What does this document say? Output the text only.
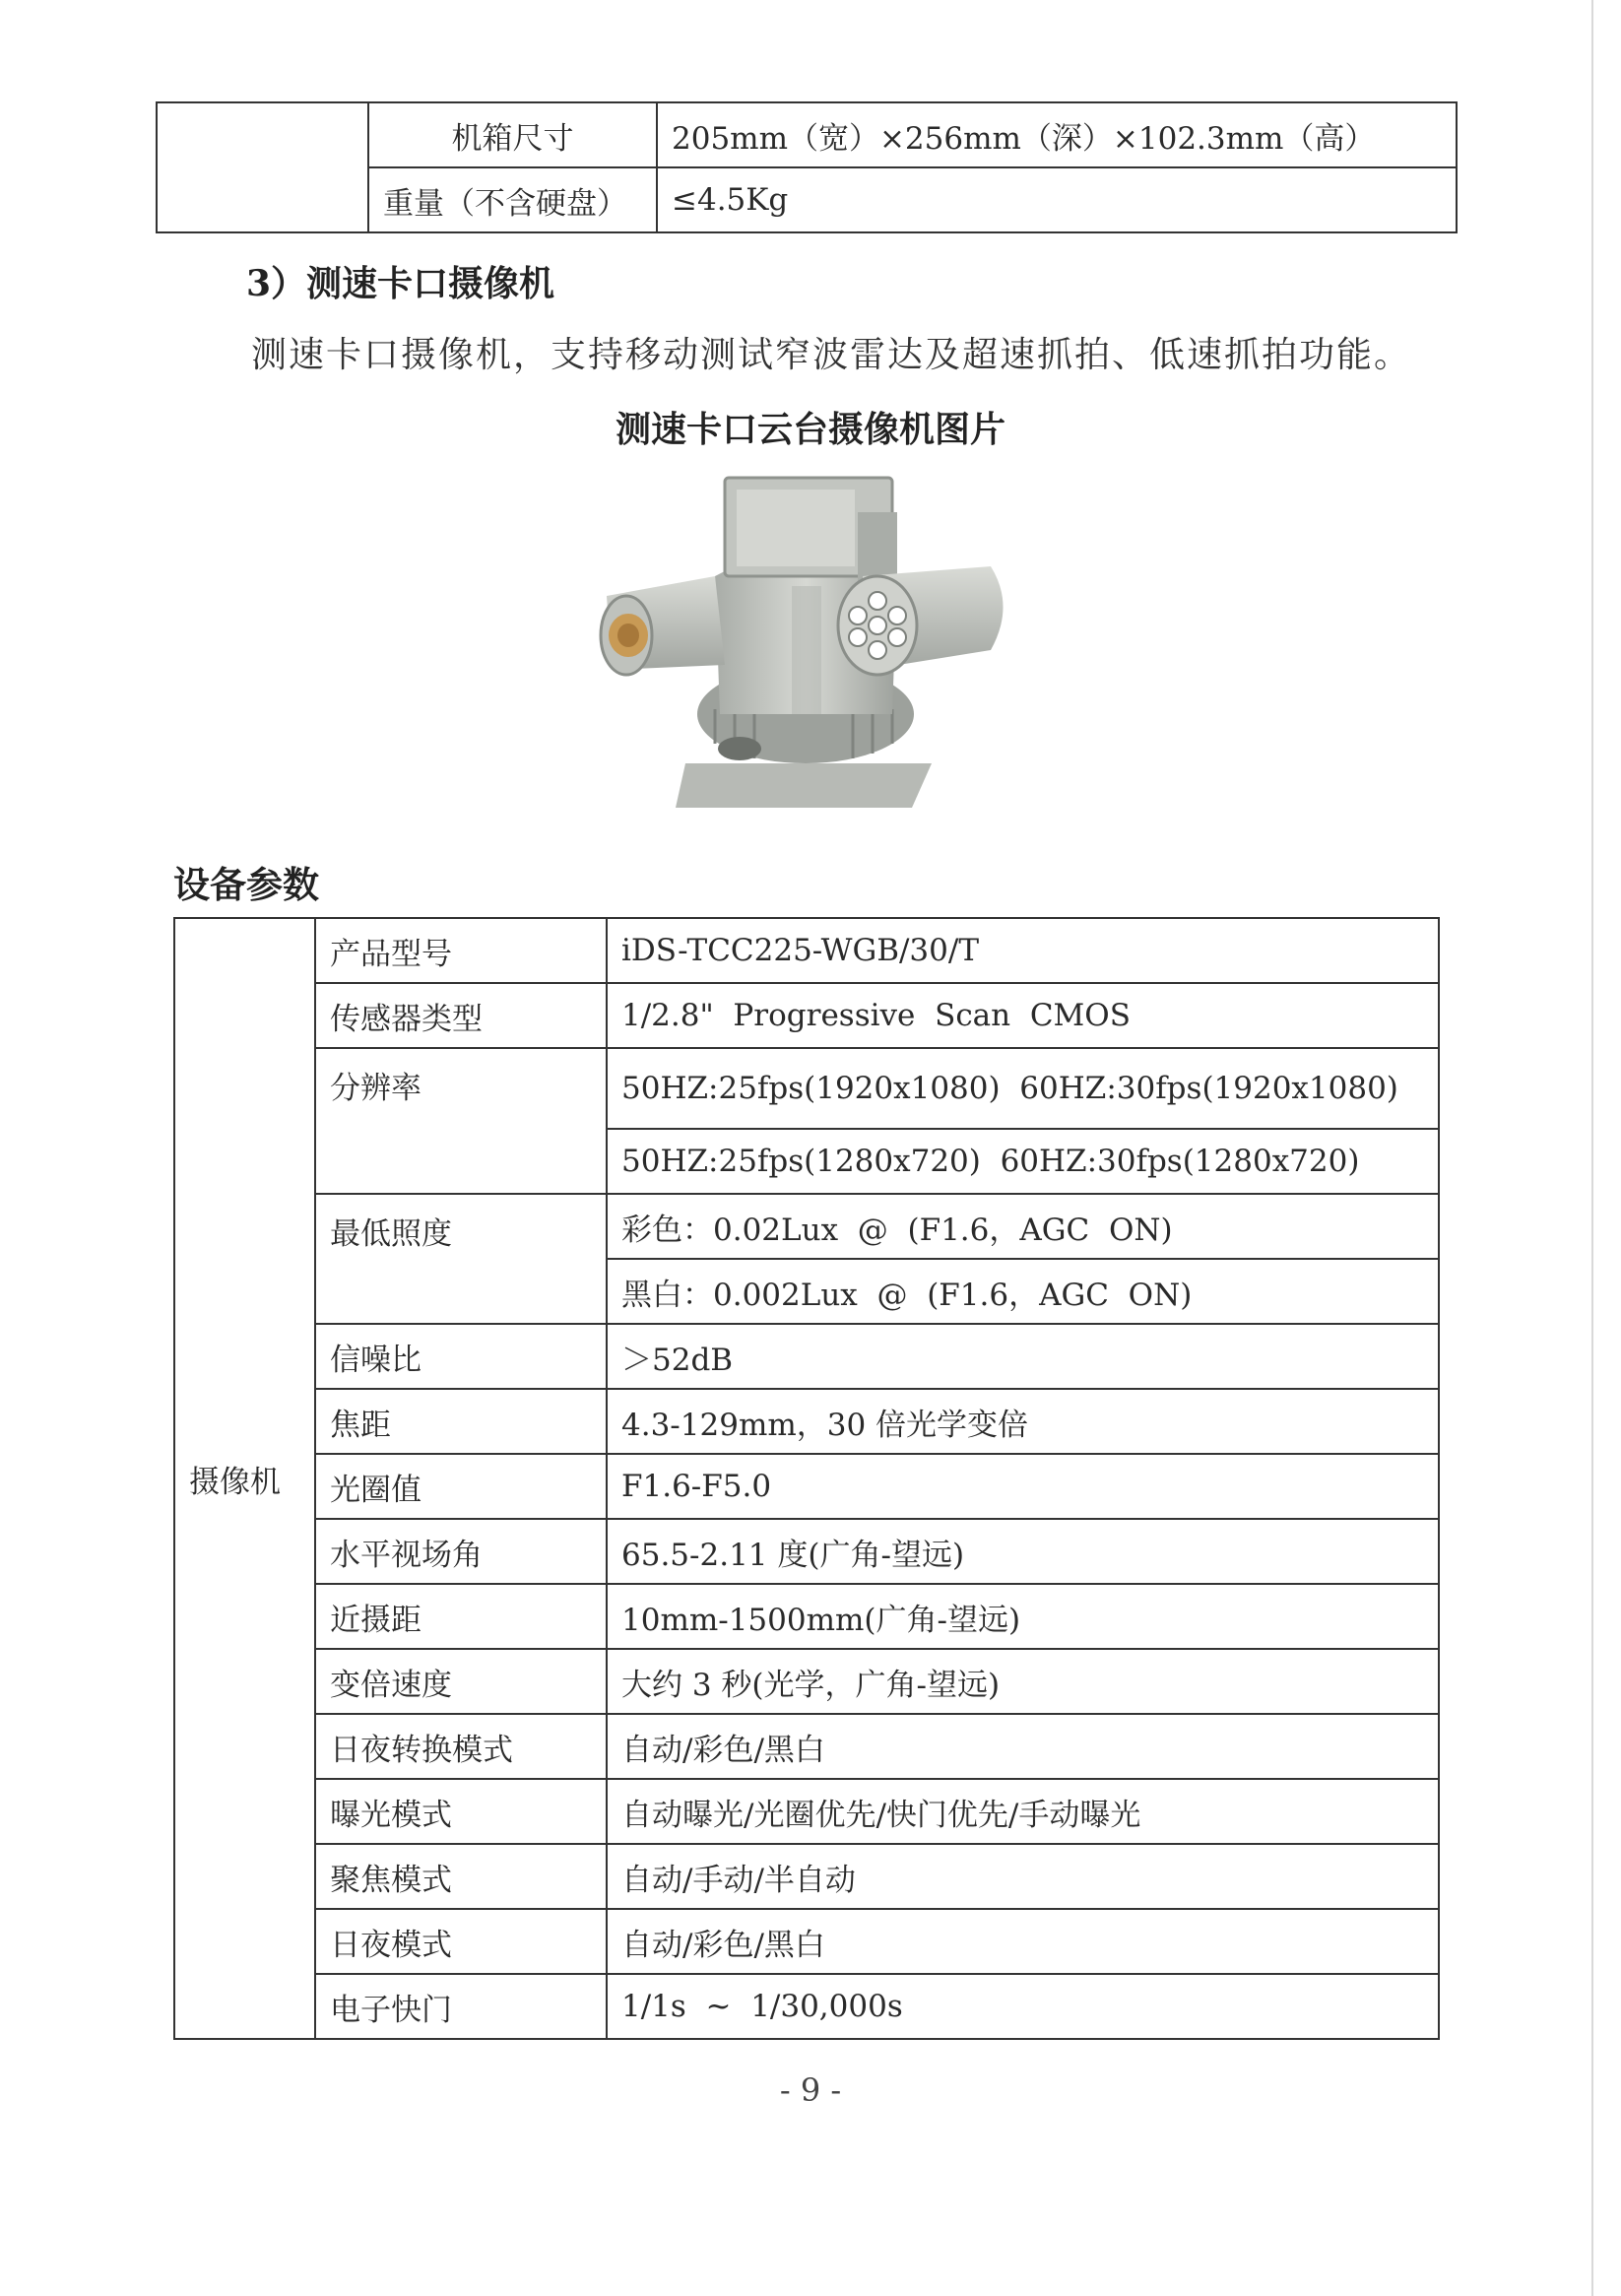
	机箱尺寸	205mm（宽）×256mm（深）×102.3mm（高）
	重量（不含硬盘）	≤4.5Kg
3）测速卡口摄像机
测速卡口摄像机，支持移动测试窄波雷达及超速抓拍、低速抓拍功能。
测速卡口云台摄像机图片
设备参数
摄像机	产品型号	iDS-TCC225-WGB/30/T
	传感器类型	1/2.8"  Progressive  Scan  CMOS
	分辨率	50HZ:25fps(1920x1080)  60HZ:30fps(1920x1080)
		50HZ:25fps(1280x720)  60HZ:30fps(1280x720)
	最低照度	彩色：0.02Lux  @  (F1.6，AGC  ON)
		黑白：0.002Lux  @  (F1.6，AGC  ON)
	信噪比	＞52dB
	焦距	4.3-129mm，30 倍光学变倍
	光圈值	F1.6-F5.0
	水平视场角	65.5-2.11 度(广角-望远)
	近摄距	10mm-1500mm(广角-望远)
	变倍速度	大约 3 秒(光学，广角-望远)
	日夜转换模式	自动/彩色/黑白
	曝光模式	自动曝光/光圈优先/快门优先/手动曝光
	聚焦模式	自动/手动/半自动
	日夜模式	自动/彩色/黑白
	电子快门	1/1s  ~  1/30,000s
- 9 -
